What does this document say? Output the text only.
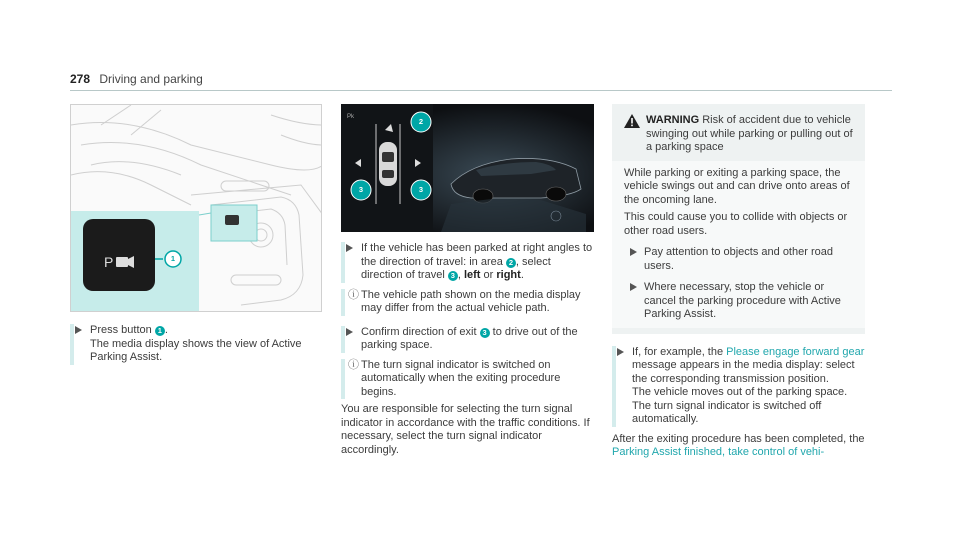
278 Driving and parking
P	1
Press button 1 .
The media display shows the view of Active Parking Assist.
Pk	2
3	3
If the vehicle has been parked at right angles to the direction of travel: in area 2 , select direction of travel 3 , left or right.
ⓘ The vehicle path shown on the media display may differ from the actual vehicle path.
Confirm direction of exit 3 to drive out of the parking space.
ⓘ The turn signal indicator is switched on automatically when the exiting procedure begins.

You are responsible for selecting the turn signal indicator in accordance with the traffic conditions. If necessary, select the turn signal indicator accordingly.

WARNING Risk of accident due to vehicle swinging out while parking or pulling out of a parking space

While parking or exiting a parking space, the vehicle swings out and can drive onto areas of the oncoming lane.

This could cause you to collide with objects or other road users.

Pay attention to objects and other road users.
Where necessary, stop the vehicle or cancel the parking procedure with Active Parking Assist.
If, for example, the Please engage forward gear message appears in the media display: select the corresponding transmission position.
The vehicle moves out of the parking space. The turn signal indicator is switched off automatically.

After the exiting procedure has been completed, the Parking Assist finished, take control of vehi-
